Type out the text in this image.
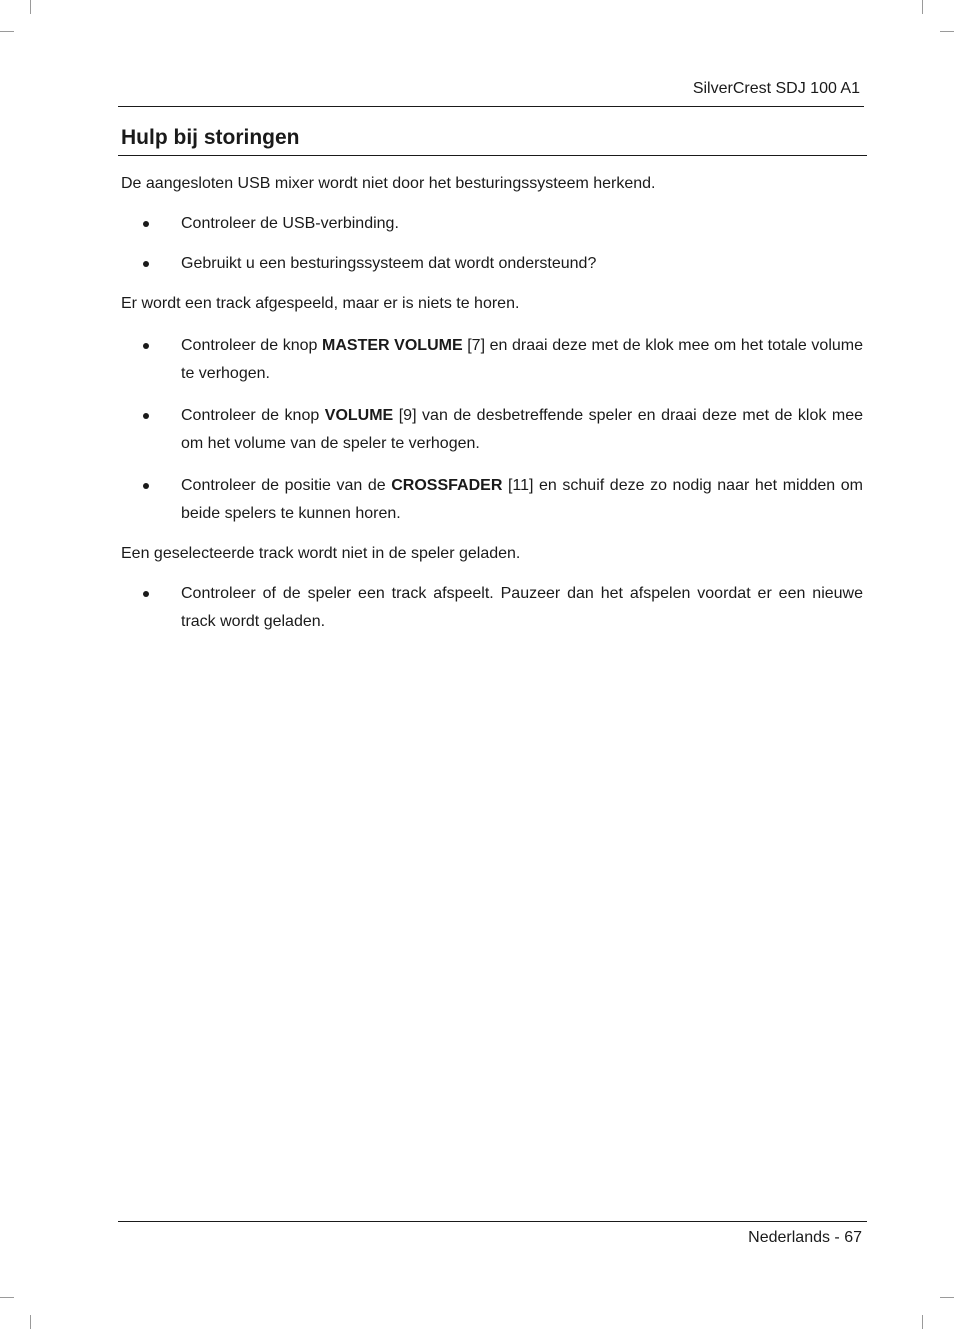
SilverCrest SDJ 100 A1
Hulp bij storingen

De aangesloten USB mixer wordt niet door het besturingssysteem herkend.

Controleer de USB-verbinding.
Gebruikt u een besturingssysteem dat wordt ondersteund?

Er wordt een track afgespeeld, maar er is niets te horen.

Controleer de knop MASTER VOLUME [7] en draai deze met de klok mee om het totale volume te verhogen.
Controleer de knop VOLUME [9] van de desbetreffende speler en draai deze met de klok mee om het volume van de speler te verhogen.
Controleer de positie van de CROSSFADER [11] en schuif deze zo nodig naar het midden om beide spelers te kunnen horen.

Een geselecteerde track wordt niet in de speler geladen.

Controleer of de speler een track afspeelt. Pauzeer dan het afspelen voordat er een nieuwe track wordt geladen.
Nederlands - 67
